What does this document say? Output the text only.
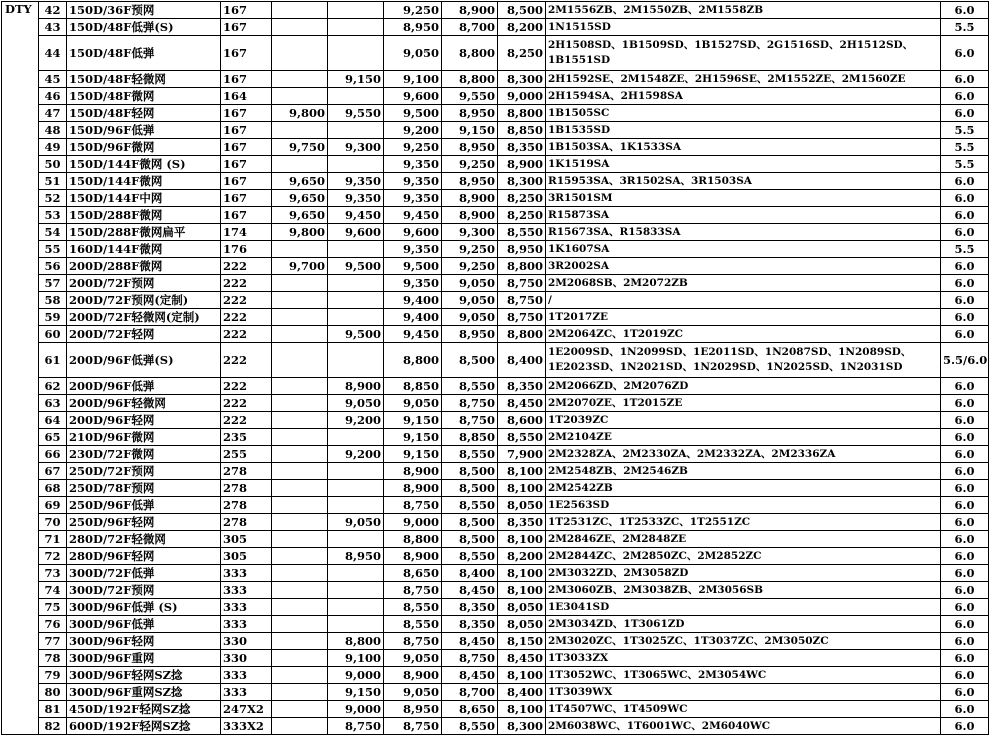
DTY	42	150D/36F预网	167			9,250	8,900	8,500	2M1556ZB、2M1550ZB、2M1558ZB	6.0
	43	150D/48F低弹(S)	167			8,950	8,700	8,200	1N1515SD	5.5
	44	150D/48F低弹	167			9,050	8,800	8,250	2H1508SD、1B1509SD、1B1527SD、2G1516SD、2H1512SD、1B1551SD	6.0
	45	150D/48F轻微网	167		9,150	9,100	8,800	8,300	2H1592SE、2M1548ZE、2H1596SE、2M1552ZE、2M1560ZE	6.0
	46	150D/48F微网	164			9,600	9,550	9,000	2H1594SA、2H1598SA	6.0
	47	150D/48F轻网	167	9,800	9,550	9,500	8,950	8,800	1B1505SC	6.0
	48	150D/96F低弹	167			9,200	9,150	8,850	1B1535SD	5.5
	49	150D/96F微网	167	9,750	9,300	9,250	8,950	8,350	1B1503SA、1K1533SA	5.5
	50	150D/144F微网 (S)	167			9,350	9,250	8,900	1K1519SA	5.5
	51	150D/144F微网	167	9,650	9,350	9,350	8,950	8,300	R15953SA、3R1502SA、3R1503SA	6.0
	52	150D/144F中网	167	9,650	9,350	9,350	8,900	8,250	3R1501SM	6.0
	53	150D/288F微网	167	9,650	9,450	9,450	8,900	8,250	R15873SA	6.0
	54	150D/288F微网扁平	174	9,800	9,600	9,600	9,300	8,550	R15673SA、R15833SA	6.0
	55	160D/144F微网	176			9,350	9,250	8,950	1K1607SA	5.5
	56	200D/288F微网	222	9,700	9,500	9,500	9,250	8,800	3R2002SA	6.0
	57	200D/72F预网	222			9,350	9,050	8,750	2M2068SB、2M2072ZB	6.0
	58	200D/72F预网(定制)	222			9,400	9,050	8,750	/	6.0
	59	200D/72F轻微网(定制)	222			9,400	9,050	8,750	1T2017ZE	6.0
	60	200D/72F轻网	222		9,500	9,450	8,950	8,800	2M2064ZC、1T2019ZC	6.0
	61	200D/96F低弹(S)	222			8,800	8,500	8,400	1E2009SD、1N2099SD、1E2011SD、1N2087SD、1N2089SD、1E2023SD、1N2021SD、1N2029SD、1N2025SD、1N2031SD	5.5/6.0
	62	200D/96F低弹	222		8,900	8,850	8,550	8,350	2M2066ZD、2M2076ZD	6.0
	63	200D/96F轻微网	222		9,050	9,050	8,750	8,450	2M2070ZE、1T2015ZE	6.0
	64	200D/96F轻网	222		9,200	9,150	8,750	8,600	1T2039ZC	6.0
	65	210D/96F微网	235			9,150	8,850	8,550	2M2104ZE	6.0
	66	230D/72F微网	255		9,200	9,150	8,550	7,900	2M2328ZA、2M2330ZA、2M2332ZA、2M2336ZA	6.0
	67	250D/72F预网	278			8,900	8,500	8,100	2M2548ZB、2M2546ZB	6.0
	68	250D/78F预网	278			8,900	8,500	8,100	2M2542ZB	6.0
	69	250D/96F低弹	278			8,750	8,550	8,050	1E2563SD	6.0
	70	250D/96F轻网	278		9,050	9,000	8,500	8,350	1T2531ZC、1T2533ZC、1T2551ZC	6.0
	71	280D/72F轻微网	305			8,800	8,500	8,100	2M2846ZE、2M2848ZE	6.0
	72	280D/96F轻网	305		8,950	8,900	8,550	8,200	2M2844ZC、2M2850ZC、2M2852ZC	6.0
	73	300D/72F低弹	333			8,650	8,400	8,100	2M3032ZD、2M3058ZD	6.0
	74	300D/72F预网	333			8,750	8,450	8,100	2M3060ZB、2M3038ZB、2M3056SB	6.0
	75	300D/96F低弹 (S)	333			8,550	8,350	8,050	1E3041SD	6.0
	76	300D/96F低弹	333			8,550	8,350	8,050	2M3034ZD、1T3061ZD	6.0
	77	300D/96F轻网	330		8,800	8,750	8,450	8,150	2M3020ZC、1T3025ZC、1T3037ZC、2M3050ZC	6.0
	78	300D/96F重网	330		9,100	9,050	8,750	8,450	1T3033ZX	6.0
	79	300D/96F轻网SZ捻	333		9,000	8,900	8,450	8,100	1T3052WC、1T3065WC、2M3054WC	6.0
	80	300D/96F重网SZ捻	333		9,150	9,050	8,700	8,400	1T3039WX	6.0
	81	450D/192F轻网SZ捻	247X2		9,000	8,950	8,650	8,100	1T4507WC、1T4509WC	6.0
	82	600D/192F轻网SZ捻	333X2		8,750	8,750	8,550	8,300	2M6038WC、1T6001WC、2M6040WC	6.0
